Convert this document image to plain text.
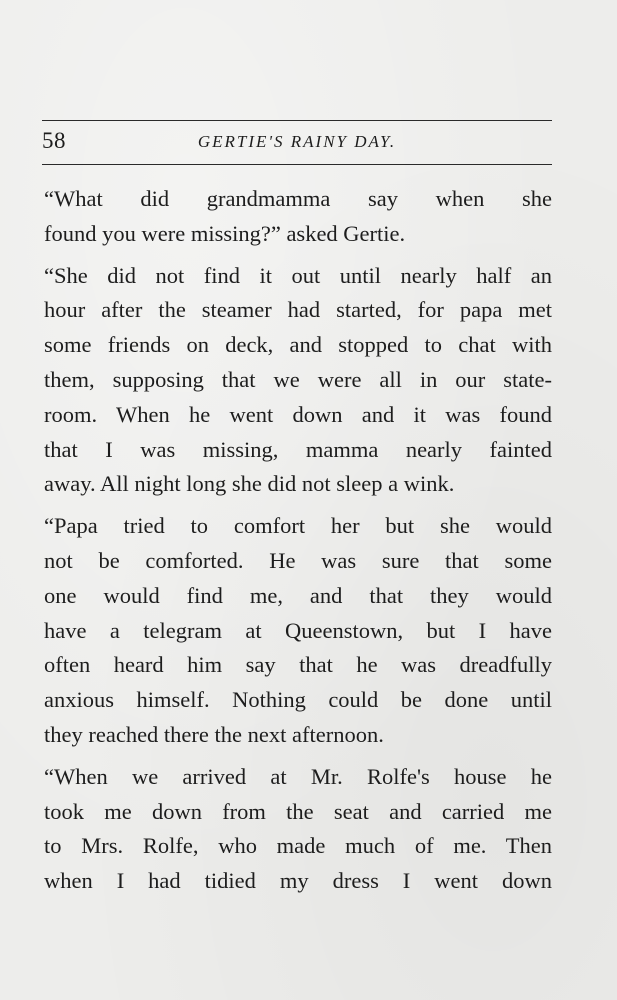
58	GERTIE'S RAINY DAY.
“What did grandmamma say when she
found you were missing?” asked Gertie.
“She did not find it out until nearly half an
hour after the steamer had started, for papa met
some friends on deck, and stopped to chat with
them, supposing that we were all in our state-
room. When he went down and it was found
that I was missing, mamma nearly fainted
away. All night long she did not sleep a wink.
“Papa tried to comfort her but she would
not be comforted. He was sure that some
one would find me, and that they would
have a telegram at Queenstown, but I have
often heard him say that he was dreadfully
anxious himself. Nothing could be done until
they reached there the next afternoon.
“When we arrived at Mr. Rolfe's house he
took me down from the seat and carried me
to Mrs. Rolfe, who made much of me. Then
when I had tidied my dress I went down
